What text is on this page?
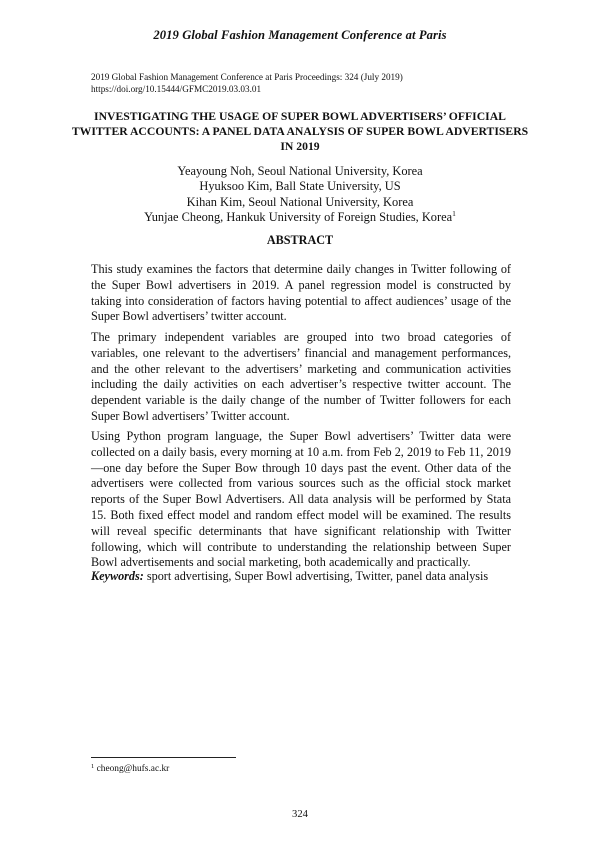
2019 Global Fashion Management Conference at Paris
2019 Global Fashion Management Conference at Paris Proceedings: 324 (July 2019)
https://doi.org/10.15444/GFMC2019.03.03.01
INVESTIGATING THE USAGE OF SUPER BOWL ADVERTISERS’ OFFICIAL TWITTER ACCOUNTS: A PANEL DATA ANALYSIS OF SUPER BOWL ADVERTISERS IN 2019
Yeayoung Noh, Seoul National University, Korea
Hyuksoo Kim, Ball State University, US
Kihan Kim, Seoul National University, Korea
Yunjae Cheong, Hankuk University of Foreign Studies, Korea$^1$
ABSTRACT

This study examines the factors that determine daily changes in Twitter following of the Super Bowl advertisers in 2019. A panel regression model is constructed by taking into consideration of factors having potential to affect audiences’ usage of the Super Bowl advertisers’ twitter account.

The primary independent variables are grouped into two broad categories of variables, one relevant to the advertisers’ financial and management performances, and the other relevant to the advertisers’ marketing and communication activities including the daily activities on each advertiser’s respective twitter account. The dependent variable is the daily change of the number of Twitter followers for each Super Bowl advertisers’ Twitter account.

Using Python program language, the Super Bowl advertisers’ Twitter data were collected on a daily basis, every morning at 10 a.m. from Feb 2, 2019 to Feb 11, 2019—one day before the Super Bow through 10 days past the event. Other data of the advertisers were collected from various sources such as the official stock market reports of the Super Bowl Advertisers. All data analysis will be performed by Stata 15. Both fixed effect model and random effect model will be examined. The results will reveal specific determinants that have significant relationship with Twitter following, which will contribute to understanding the relationship between Super Bowl advertisements and social marketing, both academically and practically.

Keywords: sport advertising, Super Bowl advertising, Twitter, panel data analysis
$^1$ cheong@hufs.ac.kr
324
